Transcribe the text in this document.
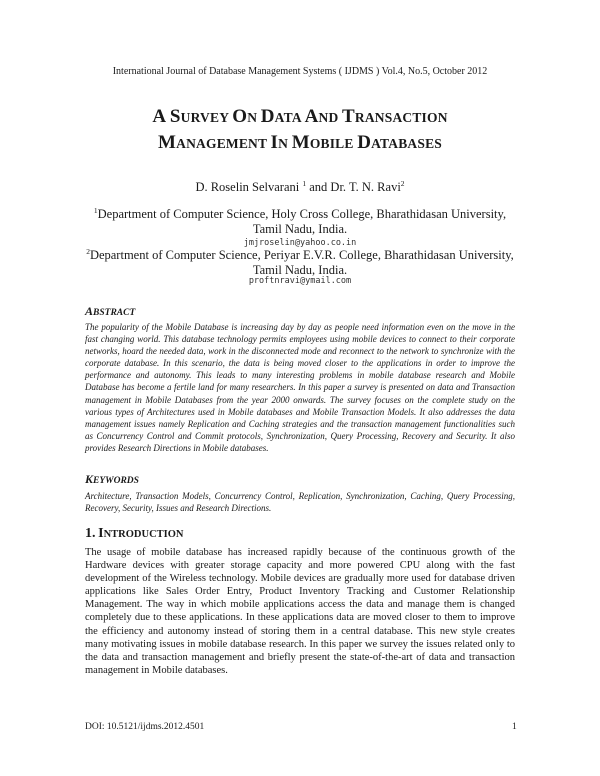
International Journal of Database Management Systems ( IJDMS ) Vol.4, No.5, October 2012
A SURVEY ON DATA AND TRANSACTION
MANAGEMENT IN MOBILE DATABASES
D. Roselin Selvarani $^1$ and Dr. T. N. Ravi$^2$
$^1$Department of Computer Science, Holy Cross College, Bharathidasan University,
Tamil Nadu, India.
jmjroselin@yahoo.co.in
$^2$Department of Computer Science, Periyar E.V.R. College, Bharathidasan University,
Tamil Nadu, India.
proftnravi@ymail.com
ABSTRACT

The popularity of the Mobile Database is increasing day by day as people need information even on the move in the fast changing world. This database technology permits employees using mobile devices to connect to their corporate networks, hoard the needed data, work in the disconnected mode and reconnect to the network to synchronize with the corporate database. In this scenario, the data is being moved closer to the applications in order to improve the performance and autonomy. This leads to many interesting problems in mobile database research and Mobile Database has become a fertile land for many researchers. In this paper a survey is presented on data and Transaction management in Mobile Databases from the year 2000 onwards. The survey focuses on the complete study on the various types of Architectures used in Mobile databases and Mobile Transaction Models. It also addresses the data management issues namely Replication and Caching strategies and the transaction management functionalities such as Concurrency Control and Commit protocols, Synchronization, Query Processing, Recovery and Security. It also provides Research Directions in Mobile databases.

KEYWORDS

Architecture, Transaction Models, Concurrency Control, Replication, Synchronization, Caching, Query Processing, Recovery, Security, Issues and Research Directions.

1. INTRODUCTION

The usage of mobile database has increased rapidly because of the continuous growth of the Hardware devices with greater storage capacity and more powered CPU along with the fast development of the Wireless technology. Mobile devices are gradually more used for database driven applications like Sales Order Entry, Product Inventory Tracking and Customer Relationship Management. The way in which mobile applications access the data and manage them is changed completely due to these applications. In these applications data are moved closer to them to improve the efficiency and autonomy instead of storing them in a central database. This new style creates many motivating issues in mobile database research. In this paper we survey the issues related only to the data and transaction management and briefly present the state-of-the-art of data and transaction management in Mobile databases.

DOI: 10.5121/ijdms.2012.4501	1
